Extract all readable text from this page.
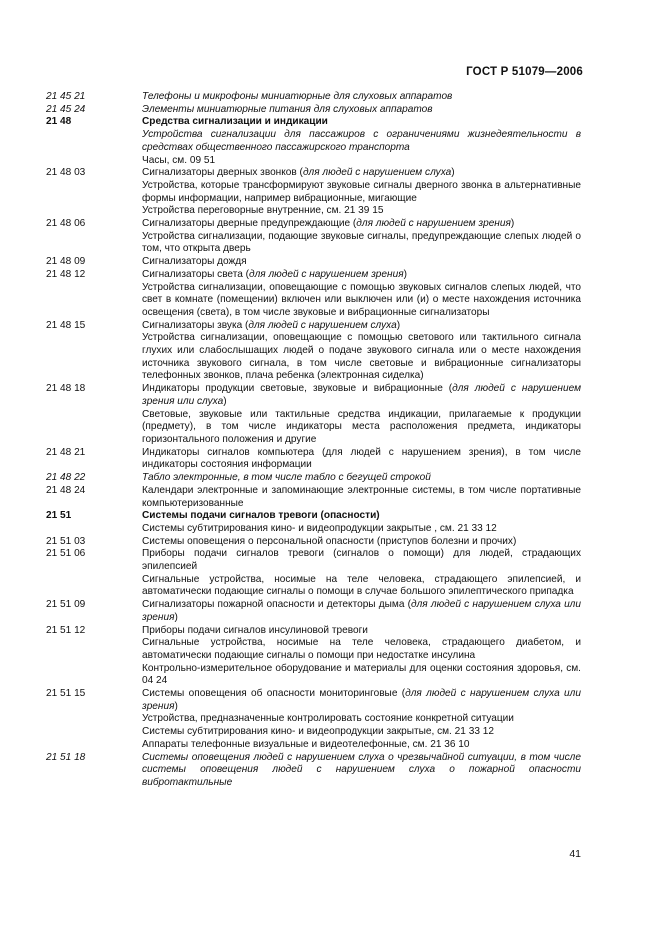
ГОСТ Р 51079—2006
21 45 21	Телефоны и микрофоны миниатюрные для слуховых аппаратов
21 45 24	Элементы миниатюрные питания для слуховых аппаратов
21 48	Средства сигнализации и индикации
Устройства сигнализации для пассажиров с ограничениями жизнедеятельности в средствах общественного пассажирского транспорта
Часы, см. 09 51
21 48 03	Сигнализаторы дверных звонков (для людей с нарушением слуха)
Устройства, которые трансформируют звуковые сигналы дверного звонка в альтернативные формы информации, например вибрационные, мигающие
Устройства переговорные внутренние, см. 21 39 15
21 48 06	Сигнализаторы дверные предупреждающие (для людей с нарушением зрения)
Устройства сигнализации, подающие звуковые сигналы, предупреждающие слепых людей о том, что открыта дверь
21 48 09	Сигнализаторы дождя
21 48 12	Сигнализаторы света (для людей с нарушением зрения)
Устройства сигнализации, оповещающие с помощью звуковых сигналов слепых людей, что свет в комнате (помещении) включен или выключен или (и) о месте нахождения источника освещения (света), в том числе звуковые и вибрационные сигнализаторы
21 48 15	Сигнализаторы звука (для людей с нарушением слуха)
Устройства сигнализации, оповещающие с помощью светового или тактильного сигнала глухих или слабослышащих людей о подаче звукового сигнала или о месте нахождения источника звукового сигнала, в том числе световые и вибрационные сигнализаторы телефонных звонков, плача ребенка (электронная сиделка)
21 48 18	Индикаторы продукции световые, звуковые и вибрационные (для людей с нарушением зрения или слуха)
Световые, звуковые или тактильные средства индикации, прилагаемые к продукции (предмету), в том числе индикаторы места расположения предмета, индикаторы горизонтального положения и другие
21 48 21	Индикаторы сигналов компьютера (для людей с нарушением зрения), в том числе индикаторы состояния информации
21 48 22	Табло электронные, в том числе табло с бегущей строкой
21 48 24	Календари электронные и запоминающие электронные системы, в том числе портативные компьютеризованные
21 51	Системы подачи сигналов тревоги (опасности)
Системы субтитрирования кино- и видеопродукции закрытые , см. 21 33 12
21 51 03	Системы оповещения о персональной опасности (приступов болезни и прочих)
21 51 06	Приборы подачи сигналов тревоги (сигналов о помощи) для людей, страдающих эпилепсией
Сигнальные устройства, носимые на теле человека, страдающего эпилепсией, и автоматически подающие сигналы о помощи в случае большого эпилептического припадка
21 51 09	Сигнализаторы пожарной опасности и детекторы дыма (для людей с нарушением слуха или зрения)
21 51 12	Приборы подачи сигналов инсулиновой тревоги
Сигнальные устройства, носимые на теле человека, страдающего диабетом, и автоматически подающие сигналы о помощи при недостатке инсулина
Контрольно-измерительное оборудование и материалы для оценки состояния здоровья, см. 04 24
21 51 15	Системы оповещения об опасности мониторинговые (для людей с нарушением слуха или зрения)
Устройства, предназначенные контролировать состояние конкретной ситуации
Системы субтитрирования кино- и видеопродукции закрытые, см. 21 33 12
Аппараты телефонные визуальные и видеотелефонные, см. 21 36 10
21 51 18	Системы оповещения людей с нарушением слуха о чрезвычайной ситуации, в том числе системы оповещения людей с нарушением слуха о пожарной опасности вибротактильные
41
